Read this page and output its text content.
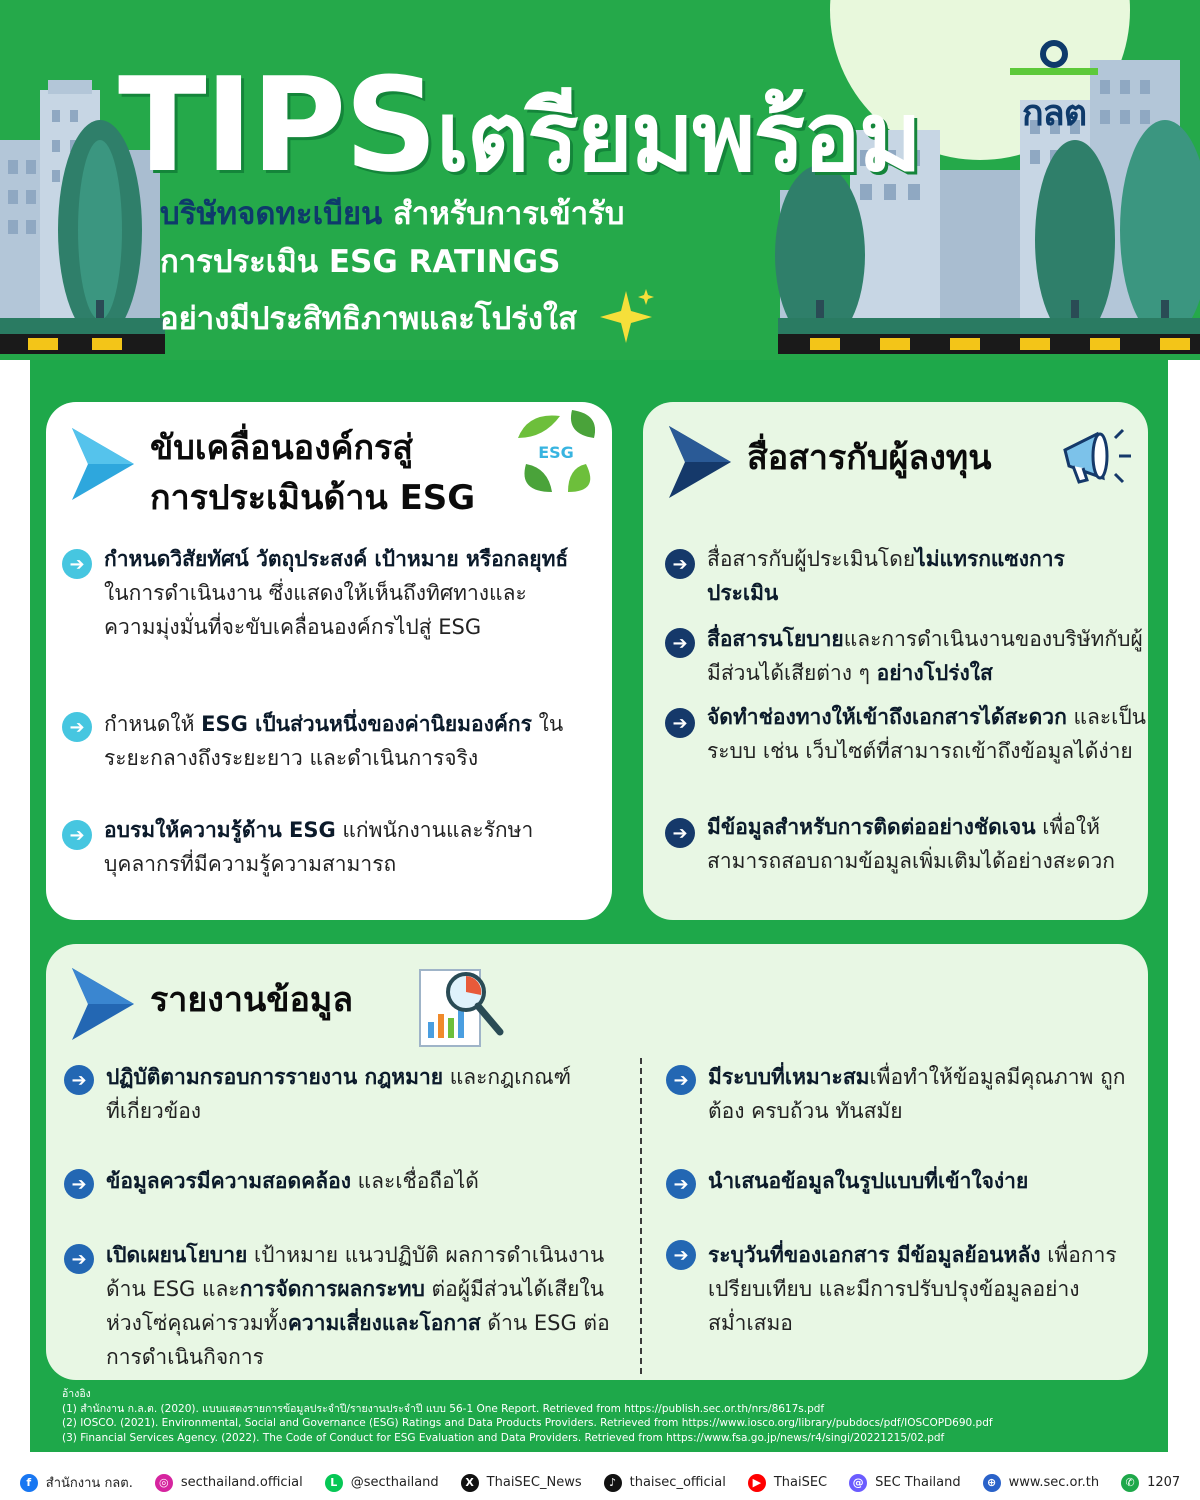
TIPSเตรียมพร้อม
บริษัทจดทะเบียน สำหรับการเข้ารับ
การประเมิน ESG RATINGS
อย่างมีประสิทธิภาพและโปร่งใส
กลต
ขับเคลื่อนองค์กรสู่
การประเมินด้าน ESG
ESG
➔ กำหนดวิสัยทัศน์ วัตถุประสงค์ เป้าหมาย หรือกลยุทธ์ในการดำเนินงาน ซึ่งแสดงให้เห็นถึงทิศทางและความมุ่งมั่นที่จะขับเคลื่อนองค์กรไปสู่ ESG
➔ กำหนดให้ ESG เป็นส่วนหนึ่งของค่านิยมองค์กร ในระยะกลางถึงระยะยาว และดำเนินการจริง
➔ อบรมให้ความรู้ด้าน ESG แก่พนักงานและรักษาบุคลากรที่มีความรู้ความสามารถ
สื่อสารกับผู้ลงทุน
➔ สื่อสารกับผู้ประเมินโดยไม่แทรกแซงการประเมิน
➔ สื่อสารนโยบายและการดำเนินงานของบริษัทกับผู้มีส่วนได้เสียต่าง ๆ อย่างโปร่งใส
➔ จัดทำช่องทางให้เข้าถึงเอกสารได้สะดวก และเป็นระบบ เช่น เว็บไซต์ที่สามารถเข้าถึงข้อมูลได้ง่าย
➔ มีข้อมูลสำหรับการติดต่ออย่างชัดเจน เพื่อให้สามารถสอบถามข้อมูลเพิ่มเติมได้อย่างสะดวก
รายงานข้อมูล
➔ ปฏิบัติตามกรอบการรายงาน กฎหมาย และกฎเกณฑ์ที่เกี่ยวข้อง
➔ ข้อมูลควรมีความสอดคล้อง และเชื่อถือได้
➔ เปิดเผยนโยบาย เป้าหมาย แนวปฏิบัติ ผลการดำเนินงานด้าน ESG และการจัดการผลกระทบ ต่อผู้มีส่วนได้เสียในห่วงโซ่คุณค่ารวมทั้งความเสี่ยงและโอกาส ด้าน ESG ต่อการดำเนินกิจการ
➔ มีระบบที่เหมาะสมเพื่อทำให้ข้อมูลมีคุณภาพ ถูกต้อง ครบถ้วน ทันสมัย
➔ นำเสนอข้อมูลในรูปแบบที่เข้าใจง่าย
➔ ระบุวันที่ของเอกสาร มีข้อมูลย้อนหลัง เพื่อการเปรียบเทียบ และมีการปรับปรุงข้อมูลอย่างสม่ำเสมอ
อ้างอิง
(1) สำนักงาน ก.ล.ต. (2020). แบบแสดงรายการข้อมูลประจำปี/รายงานประจำปี แบบ 56-1 One Report. Retrieved from https://publish.sec.or.th/nrs/8617s.pdf
(2) IOSCO. (2021). Environmental, Social and Governance (ESG) Ratings and Data Products Providers. Retrieved from https://www.iosco.org/library/pubdocs/pdf/IOSCOPD690.pdf
(3) Financial Services Agency. (2022). The Code of Conduct for ESG Evaluation and Data Providers. Retrieved from https://www.fsa.go.jp/news/r4/singi/20221215/02.pdf
f	สำนักงาน กลต.	◎ secthailand.official	L	@secthailand	X ThaiSEC_News	♪	thaisec_official	▶ ThaiSEC	@ SEC Thailand	⊕ www.sec.or.th	✆ 1207
